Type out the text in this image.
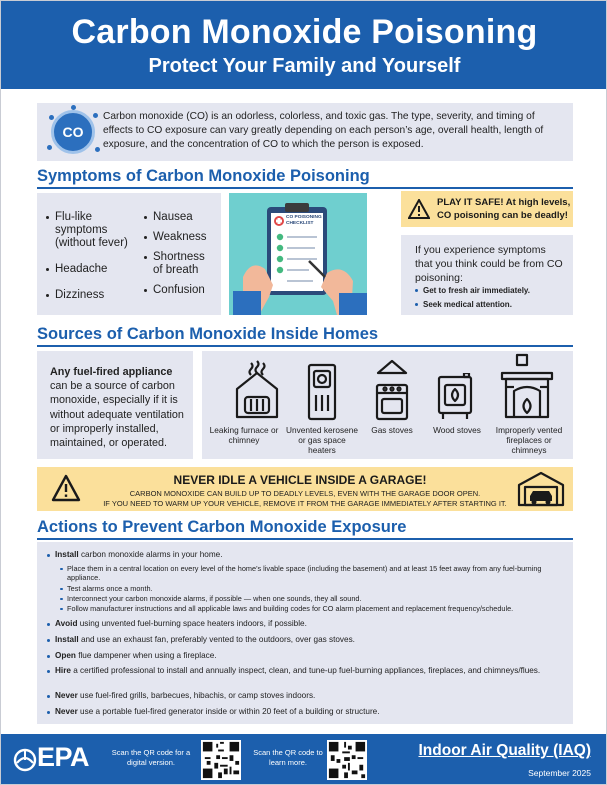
Carbon Monoxide Poisoning
Protect Your Family and Yourself
CO
Carbon monoxide (CO) is an odorless, colorless, and toxic gas. The type, severity, and timing of effects to CO exposure can vary greatly depending on each person’s age, overall health, length of exposure, and the concentration of CO to which the person is exposed.
Symptoms of Carbon Monoxide Poisoning
Flu-like symptoms (without fever)
Headache
Dizziness
Nausea
Weakness
Shortness of breath
Confusion
CO POISONING CHECKLIST
PLAY IT SAFE! At high levels, CO poisoning can be deadly!
If you experience symptoms that you think could be from CO poisoning:
Get to fresh air immediately.
Seek medical attention.
Sources of Carbon Monoxide Inside Homes
Any fuel-fired appliance can be a source of carbon monoxide, especially if it is without adequate ventilation or improperly installed, maintained, or operated.
Leaking furnace or chimney
Unvented kerosene or gas space heaters
Gas stoves	Wood stoves	Improperly vented fireplaces or chimneys
NEVER IDLE A VEHICLE INSIDE A GARAGE!
CARBON MONOXIDE CAN BUILD UP TO DEADLY LEVELS, EVEN WITH THE GARAGE DOOR OPEN.
IF YOU NEED TO WARM UP YOUR VEHICLE, REMOVE IT FROM THE GARAGE IMMEDIATELY AFTER STARTING IT.
Actions to Prevent Carbon Monoxide Exposure
Install carbon monoxide alarms in your home.
Place them in a central location on every level of the home’s livable space (including the basement) and at least 15 feet away from any fuel-burning appliance.
Test alarms once a month.
Interconnect your carbon monoxide alarms, if possible — when one sounds, they all sound.
Follow manufacturer instructions and all applicable laws and building codes for CO alarm placement and replacement frequency/schedule.
Avoid using unvented fuel-burning space heaters indoors, if possible.
Install and use an exhaust fan, preferably vented to the outdoors, over gas stoves.
Open flue dampener when using a fireplace.
Hire a certified professional to install and annually inspect, clean, and tune-up fuel-burning appliances, fireplaces, and chimneys/flues.
Never use fuel-fired grills, barbecues, hibachis, or camp stoves indoors.
Never use a portable fuel-fired generator inside or within 20 feet of a building or structure.
EPA	Scan the QR code for a digital version.
Scan the QR code to learn more.
Indoor Air Quality (IAQ)
September 2025
